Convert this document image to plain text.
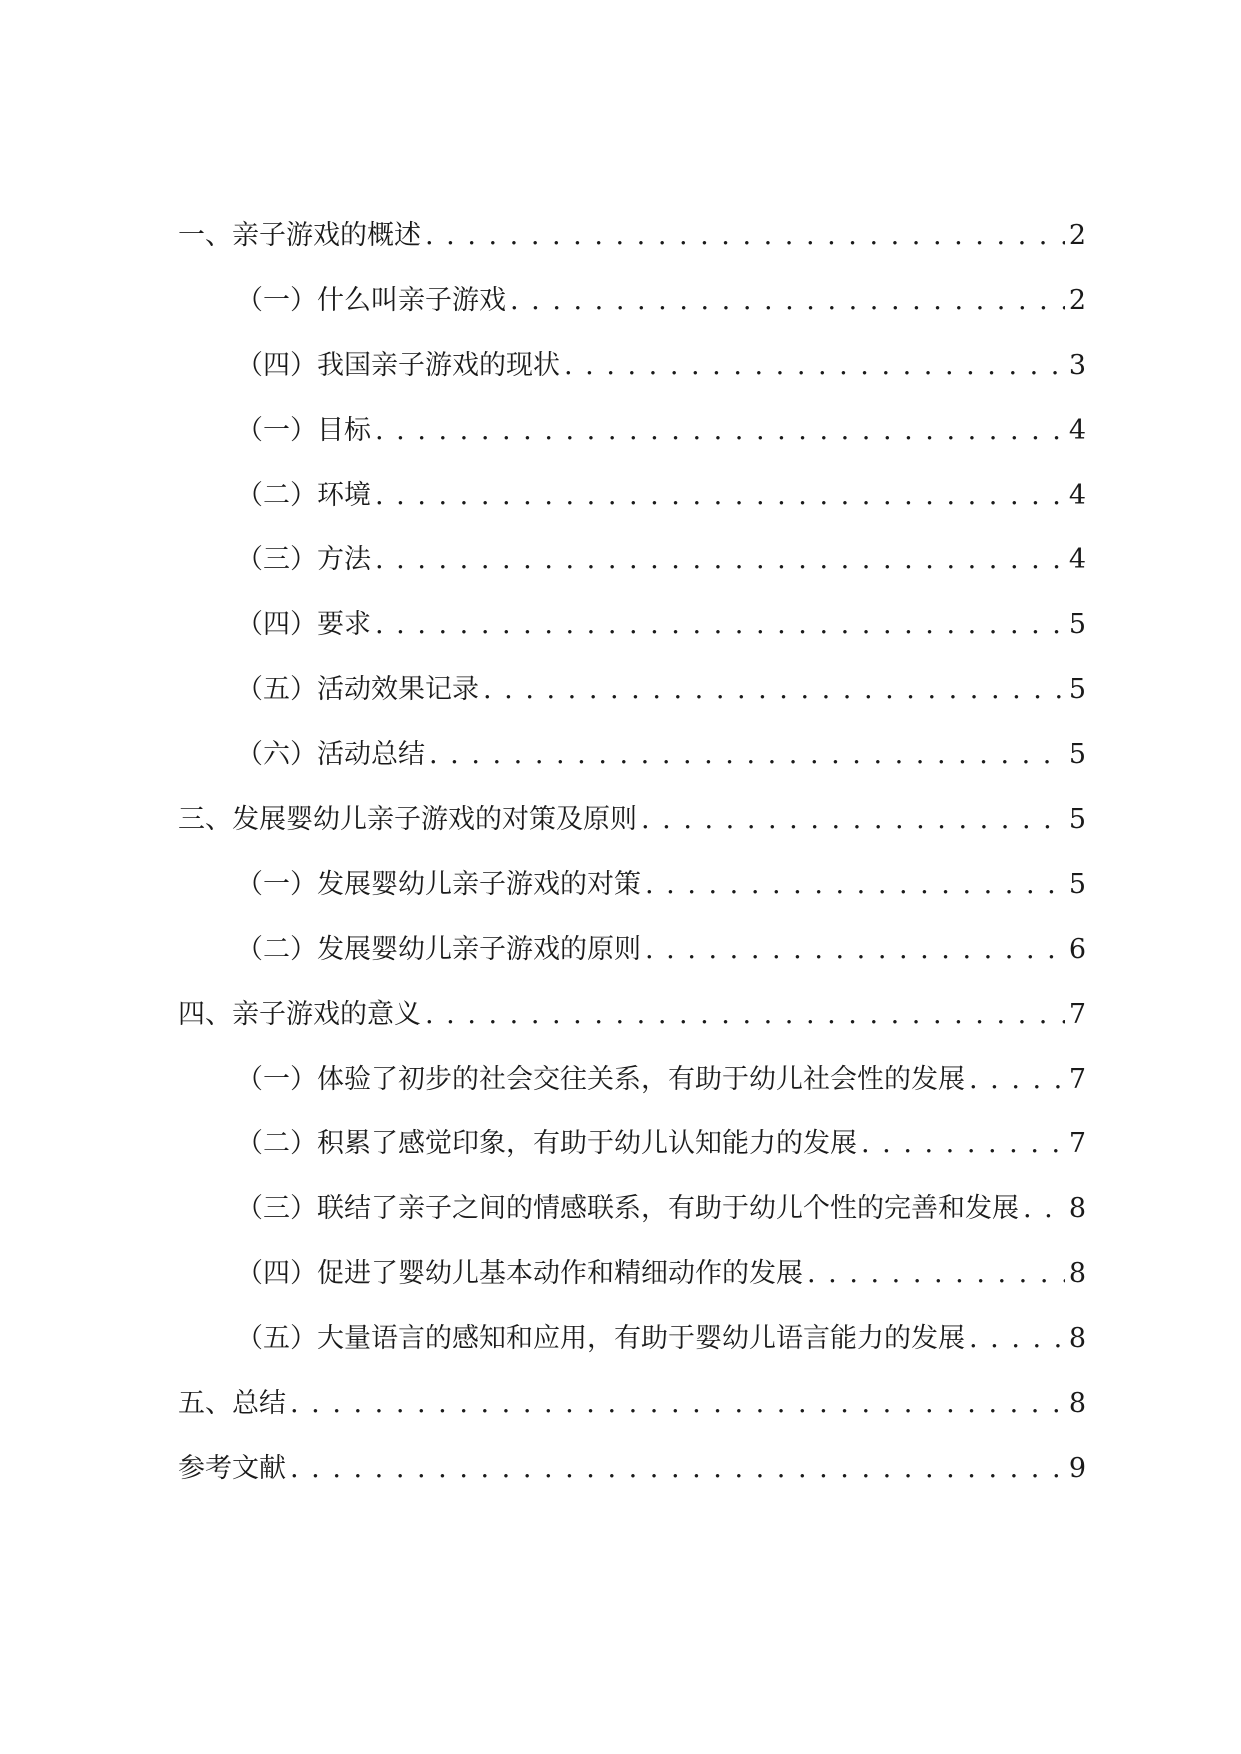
一、亲子游戏的概述 . . .	2
（一）什么叫亲子游戏 . . .	2
（四）我国亲子游戏的现状 . . .	3
（一）目标 . . .	4
（二）环境 . . .	4
（三）方法 . . .	4
（四）要求 . . .	5
（五）活动效果记录 . . .	5
（六）活动总结 . . .	5
三、发展婴幼儿亲子游戏的对策及原则 . . .	5
（一）发展婴幼儿亲子游戏的对策 . . .	5
（二）发展婴幼儿亲子游戏的原则 . . .	6
四、亲子游戏的意义 . . .	7
（一）体验了初步的社会交往关系，有助于幼儿社会性的发展 . . .	7
（二）积累了感觉印象，有助于幼儿认知能力的发展 . . .	7
（三）联结了亲子之间的情感联系，有助于幼儿个性的完善和发展 . . . 8
（四）促进了婴幼儿基本动作和精细动作的发展 . . .	8
（五）大量语言的感知和应用，有助于婴幼儿语言能力的发展 . . .	8
五、总结 . . .	8
参考文献 . . .	9
